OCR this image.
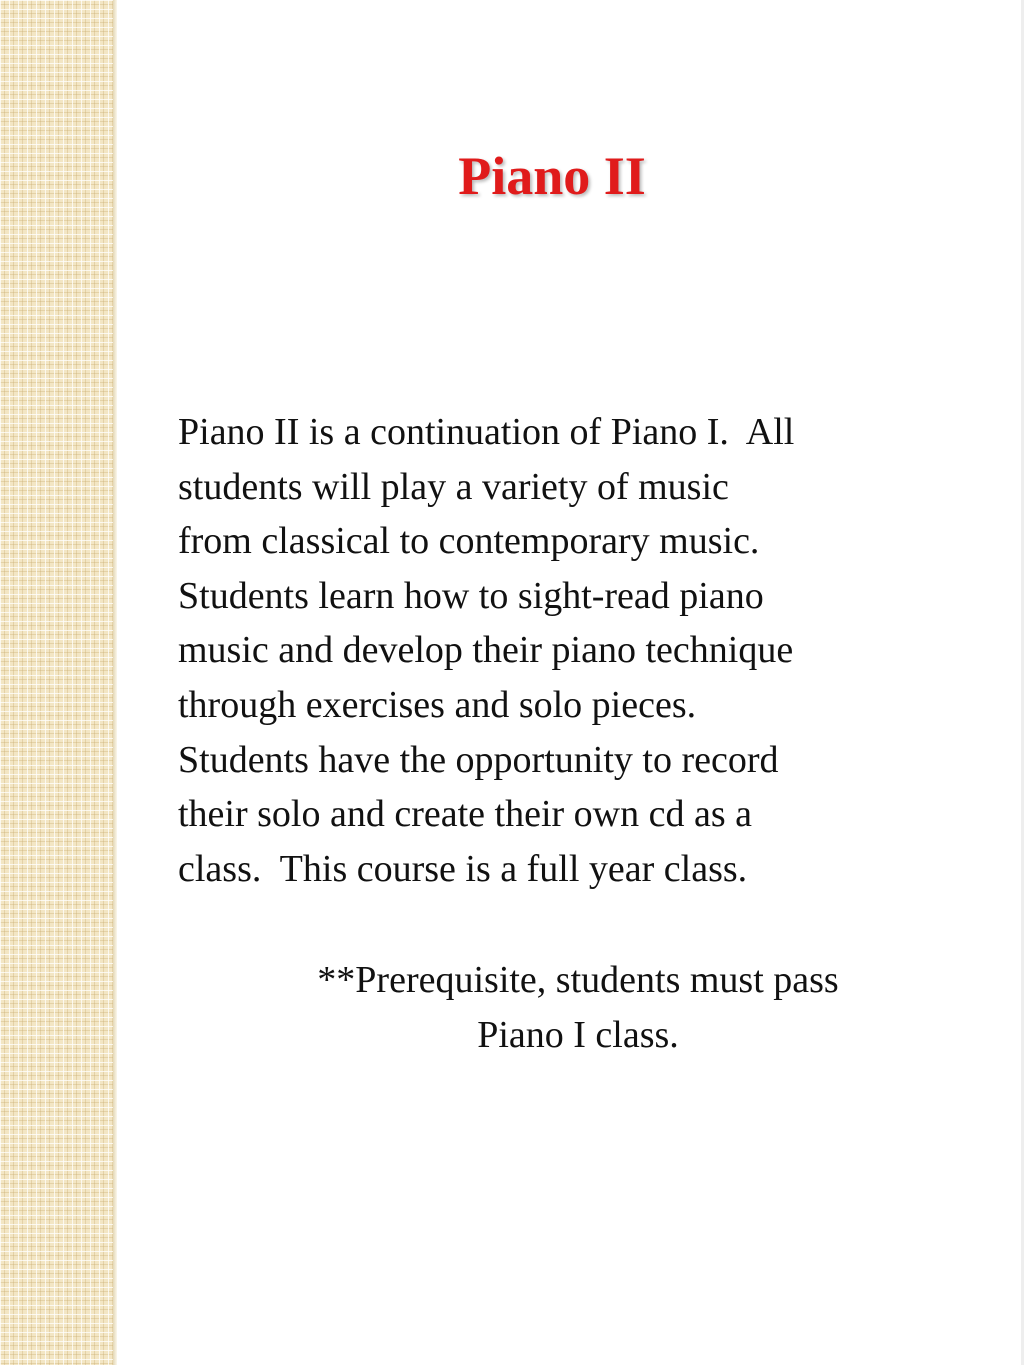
Piano II

Piano II is a continuation of Piano I.  All
students will play a variety of music
from classical to contemporary music.
Students learn how to sight-read piano
music and develop their piano technique
through exercises and solo pieces.
Students have the opportunity to record
their solo and create their own cd as a
class.  This course is a full year class.

**Prerequisite, students must pass
Piano I class.
